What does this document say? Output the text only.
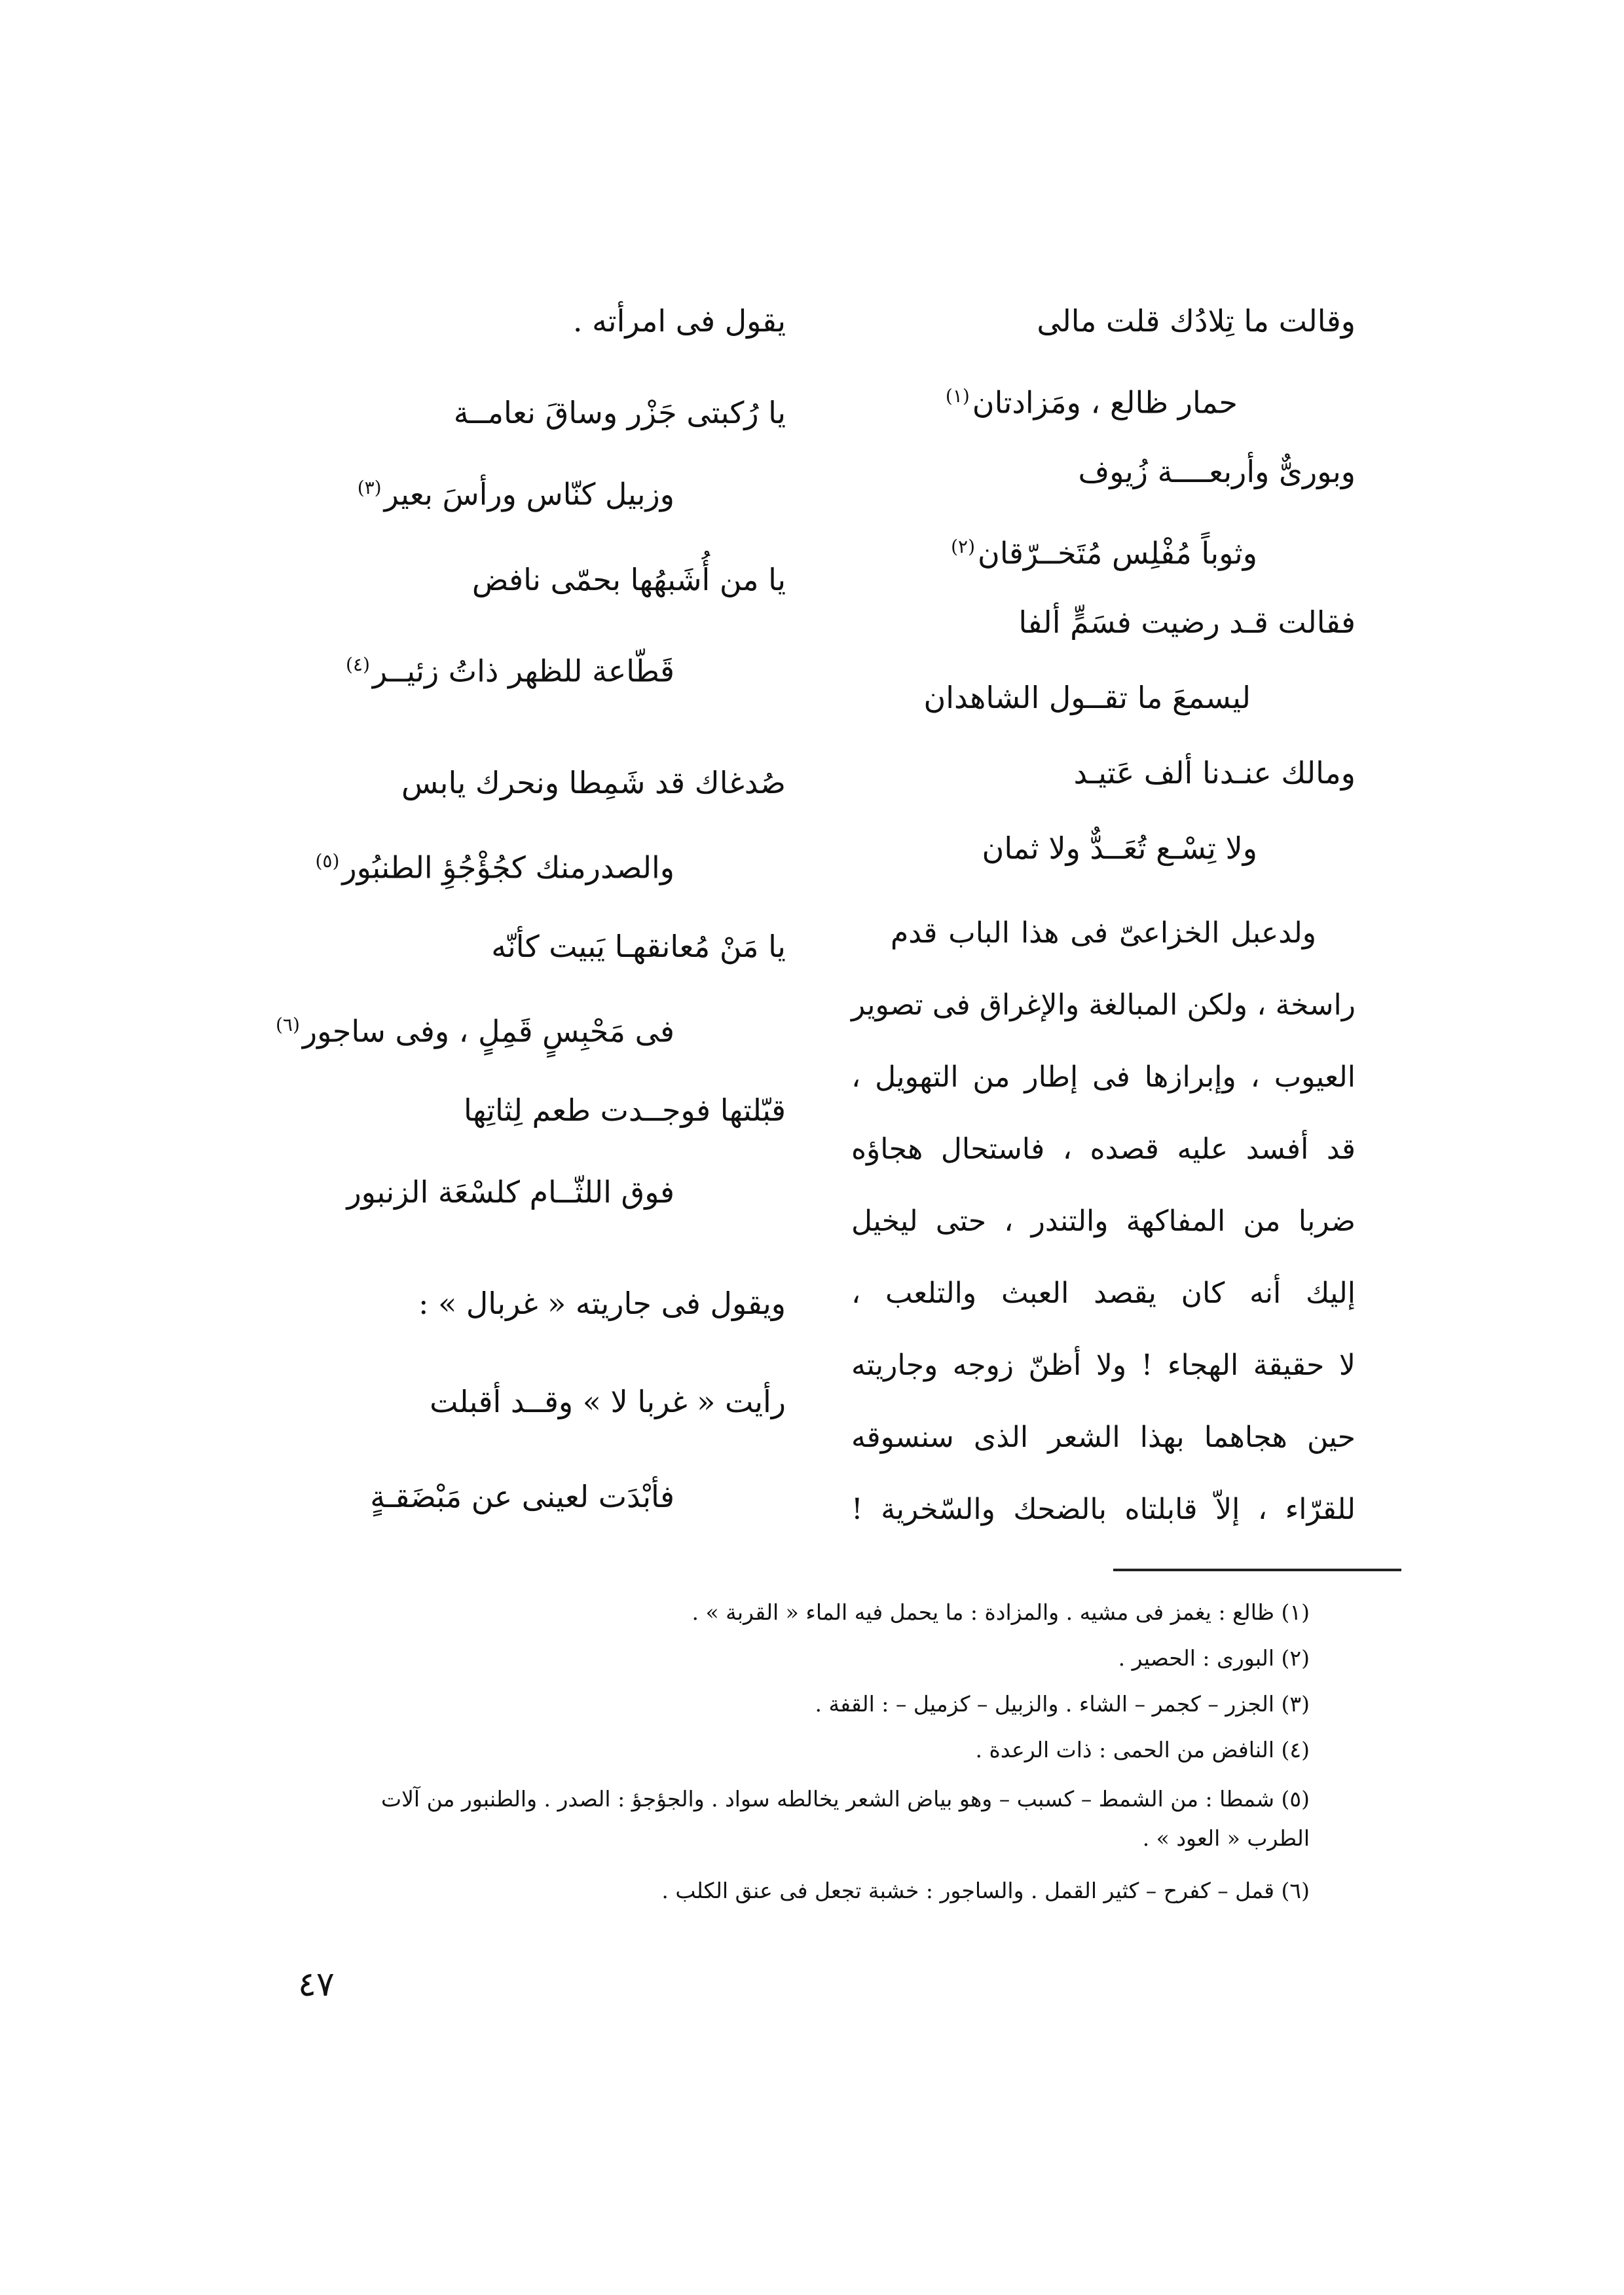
وقالت ما تِلادُك قلت مالى
حمار ظالع ، ومَزادتان$^{(١)}$
وبورىٌّ وأربعــــة زُيوف
وثوباً مُفْلِس مُتَخــرّقان$^{(٢)}$
فقالت قـد رضيت فسَمٍّ ألفا
ليسمعَ ما تقــول الشاهدان
ومالك عنـدنا ألف عَتيـد
ولا تِسْـع تُعَــدٌّ ولا ثمان
ولدعبل الخزاعىّ فى هذا الباب قدم
راسخة ، ولكن المبالغة والإغراق فى تصوير
العيوب ، وإبرازها فى إطار من التهويل ،
قد أفسد عليه قصده ، فاستحال هجاؤه
ضربا من المفاكهة والتندر ، حتى ليخيل
إليك أنه كان يقصد العبث والتلعب ،
لا حقيقة الهجاء ! ولا أظنّ زوجه وجاريته
حين هجاهما بهذا الشعر الذى سنسوقه
للقرّاء ، إلاّ قابلتاه بالضحك والسّخرية !
يقول فى امرأته .
يا رُكبتى جَزْر وساقَ نعامــة
وزبيل كنّاس ورأسَ بعير$^{(٣)}$
يا من أُشَبهُها بحمّى نافض
قَطّاعة للظهر ذاتُ زئيــر$^{(٤)}$
صُدغاك قد شَمِطا ونحرك يابس
والصدرمنك كجُؤْجُؤِ الطنبُور$^{(٥)}$
يا مَنْ مُعانقهـا يَبيت كأنّه
فى مَحْبِسٍ قَمِلٍ ، وفى ساجور$^{(٦)}$
قبّلتها فوجــدت طعم لِثاتِها
فوق اللثّــام كلسْعَة الزنبور
ويقول فى جاريته « غربال » :
رأيت « غربا لا » وقــد أقبلت
فأبْدَت لعينى عن مَبْضَقـةٍ
(١) ظالع : يغمز فى مشيه . والمزادة : ما يحمل فيه الماء « القربة » .
(٢) البورى : الحصير .
(٣) الجزر – كجمر – الشاء . والزبيل – كزميل – : القفة .
(٤) النافض من الحمى : ذات الرعدة .
(٥) شمطا : من الشمط – كسبب – وهو بياض الشعر يخالطه سواد . والجؤجؤ : الصدر . والطنبور من آلات
الطرب « العود » .
(٦) قمل – كفرح – كثير القمل . والساجور : خشبة تجعل فى عنق الكلب .
٤٧
